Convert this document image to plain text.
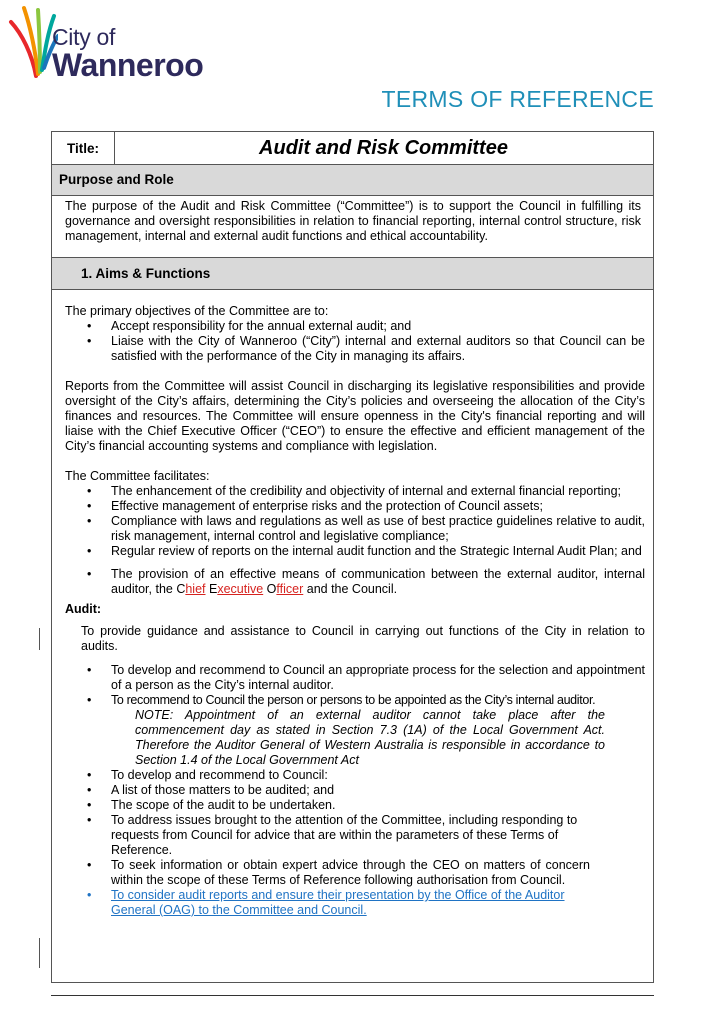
City of
Wanneroo
TERMS OF REFERENCE
Title:	Audit and Risk Committee
Purpose and Role
The purpose of the Audit and Risk Committee (“Committee”) is to support the Council in fulfilling its governance and oversight responsibilities in relation to financial reporting, internal control structure, risk management, internal and external audit functions and ethical accountability.
1. Aims & Functions

The primary objectives of the Committee are to:

• Accept responsibility for the annual external audit; and
• Liaise with the City of Wanneroo (“City”) internal and external auditors so that Council can be satisfied with the performance of the City in managing its affairs.

Reports from the Committee will assist Council in discharging its legislative responsibilities and provide oversight of the City’s affairs, determining the City’s policies and overseeing the allocation of the City’s finances and resources. The Committee will ensure openness in the City's financial reporting and will liaise with the Chief Executive Officer (“CEO”) to ensure the effective and efficient management of the City’s financial accounting systems and compliance with legislation.

The Committee facilitates:

• The enhancement of the credibility and objectivity of internal and external financial reporting;
• Effective management of enterprise risks and the protection of Council assets;
• Compliance with laws and regulations as well as use of best practice guidelines relative to audit, risk management, internal control and legislative compliance;
• Regular review of reports on the internal audit function and the Strategic Internal Audit Plan; and
• The provision of an effective means of communication between the external auditor, internal auditor, the Chief Executive Officer and the Council.

Audit:

To provide guidance and assistance to Council in carrying out functions of the City in relation to audits.

• To develop and recommend to Council an appropriate process for the selection and appointment of a person as the City’s internal auditor.
• To recommend to Council the person or persons to be appointed as the City’s internal auditor.

NOTE: Appointment of an external auditor cannot take place after the commencement day as stated in Section 7.3 (1A) of the Local Government Act. Therefore the Auditor General of Western Australia is responsible in accordance to Section 1.4 of the Local Government Act

• To develop and recommend to Council:
• A list of those matters to be audited; and
• The scope of the audit to be undertaken.
• To address issues brought to the attention of the Committee, including responding to requests from Council for advice that are within the parameters of these Terms of Reference.
• To seek information or obtain expert advice through the CEO on matters of concern within the scope of these Terms of Reference following authorisation from Council.
• To consider audit reports and ensure their presentation by the Office of the Auditor General (OAG) to the Committee and Council.
